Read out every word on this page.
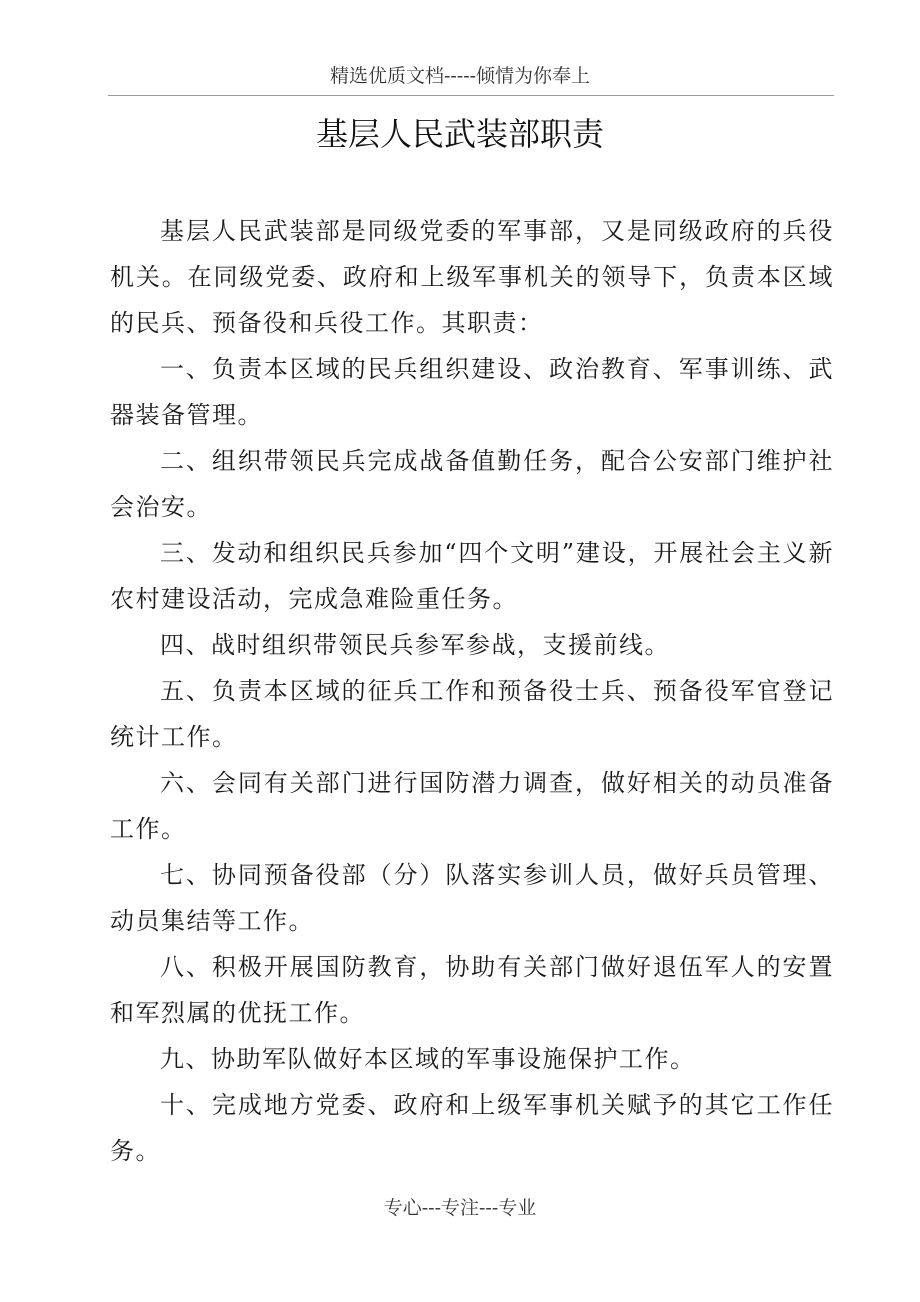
精选优质文档-----倾情为你奉上
基层人民武装部职责

基层人民武装部是同级党委的军事部，又是同级政府的兵役机关。在同级党委、政府和上级军事机关的领导下，负责本区域的民兵、预备役和兵役工作。其职责：

一、负责本区域的民兵组织建设、政治教育、军事训练、武器装备管理。

二、组织带领民兵完成战备值勤任务，配合公安部门维护社会治安。

三、发动和组织民兵参加“四个文明”建设，开展社会主义新农村建设活动，完成急难险重任务。

四、战时组织带领民兵参军参战，支援前线。

五、负责本区域的征兵工作和预备役士兵、预备役军官登记统计工作。

六、会同有关部门进行国防潜力调查，做好相关的动员准备工作。

七、协同预备役部（分）队落实参训人员，做好兵员管理、动员集结等工作。

八、积极开展国防教育，协助有关部门做好退伍军人的安置和军烈属的优抚工作。

九、协助军队做好本区域的军事设施保护工作。

十、完成地方党委、政府和上级军事机关赋予的其它工作任务。

专心---专注---专业
